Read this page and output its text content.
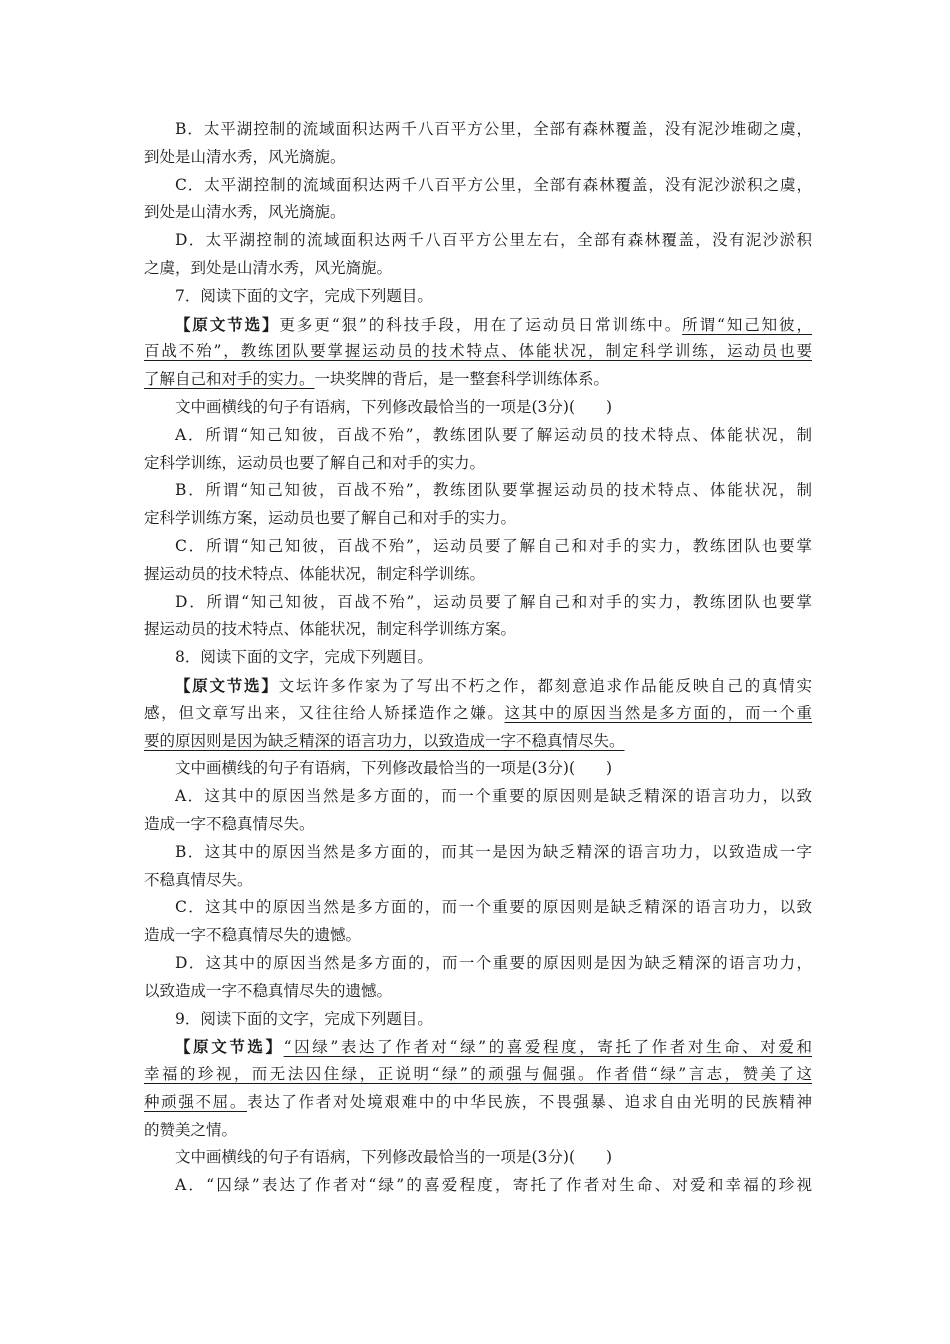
B．太平湖控制的流域面积达两千八百平方公里，全部有森林覆盖，没有泥沙堆砌之虞，
到处是山清水秀，风光旖旎。
C．太平湖控制的流域面积达两千八百平方公里，全部有森林覆盖，没有泥沙淤积之虞，
到处是山清水秀，风光旖旎。
D．太平湖控制的流域面积达两千八百平方公里左右，全部有森林覆盖，没有泥沙淤积
之虞，到处是山清水秀，风光旖旎。
7．阅读下面的文字，完成下列题目。
【原文节选】更多更“狠”的科技手段，用在了运动员日常训练中。所谓“知己知彼，
百战不殆”，教练团队要掌握运动员的技术特点、体能状况，制定科学训练，运动员也要
了解自己和对手的实力。一块奖牌的背后，是一整套科学训练体系。
文中画横线的句子有语病，下列修改最恰当的一项是(3分)(　　)
A．所谓“知己知彼，百战不殆”，教练团队要了解运动员的技术特点、体能状况，制
定科学训练，运动员也要了解自己和对手的实力。
B．所谓“知己知彼，百战不殆”，教练团队要掌握运动员的技术特点、体能状况，制
定科学训练方案，运动员也要了解自己和对手的实力。
C．所谓“知己知彼，百战不殆”，运动员要了解自己和对手的实力，教练团队也要掌
握运动员的技术特点、体能状况，制定科学训练。
D．所谓“知己知彼，百战不殆”，运动员要了解自己和对手的实力，教练团队也要掌
握运动员的技术特点、体能状况，制定科学训练方案。
8．阅读下面的文字，完成下列题目。
【原文节选】文坛许多作家为了写出不朽之作，都刻意追求作品能反映自己的真情实
感，但文章写出来，又往往给人矫揉造作之嫌。这其中的原因当然是多方面的，而一个重
要的原因则是因为缺乏精深的语言功力，以致造成一字不稳真情尽失。
文中画横线的句子有语病，下列修改最恰当的一项是(3分)(　　)
A．这其中的原因当然是多方面的，而一个重要的原因则是缺乏精深的语言功力，以致
造成一字不稳真情尽失。
B．这其中的原因当然是多方面的，而其一是因为缺乏精深的语言功力，以致造成一字
不稳真情尽失。
C．这其中的原因当然是多方面的，而一个重要的原因则是缺乏精深的语言功力，以致
造成一字不稳真情尽失的遗憾。
D．这其中的原因当然是多方面的，而一个重要的原因则是因为缺乏精深的语言功力，
以致造成一字不稳真情尽失的遗憾。
9．阅读下面的文字，完成下列题目。
【原文节选】“囚绿”表达了作者对“绿”的喜爱程度，寄托了作者对生命、对爱和
幸福的珍视，而无法囚住绿，正说明“绿”的顽强与倔强。作者借“绿”言志，赞美了这
种顽强不屈。表达了作者对处境艰难中的中华民族，不畏强暴、追求自由光明的民族精神
的赞美之情。
文中画横线的句子有语病，下列修改最恰当的一项是(3分)(　　)
A．“囚绿”表达了作者对“绿”的喜爱程度，寄托了作者对生命、对爱和幸福的珍视
